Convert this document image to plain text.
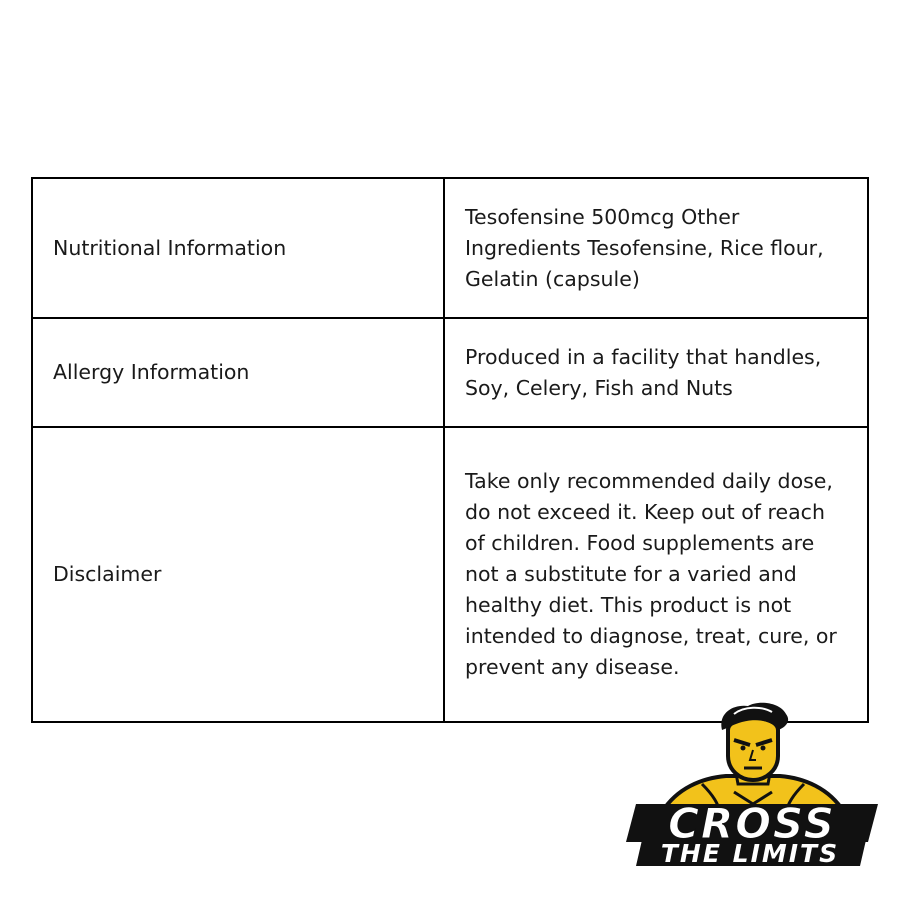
Nutritional Information	Tesofensine 500mcg Other Ingredients Tesofensine, Rice flour, Gelatin (capsule)
Allergy Information	Produced in a facility that handles, Soy, Celery, Fish and Nuts
Disclaimer	Take only recommended daily dose, do not exceed it. Keep out of reach of children. Food supplements are not a substitute for a varied and healthy diet. This product is not intended to diagnose, treat, cure, or prevent any disease.
CROSS
THE LIMITS
